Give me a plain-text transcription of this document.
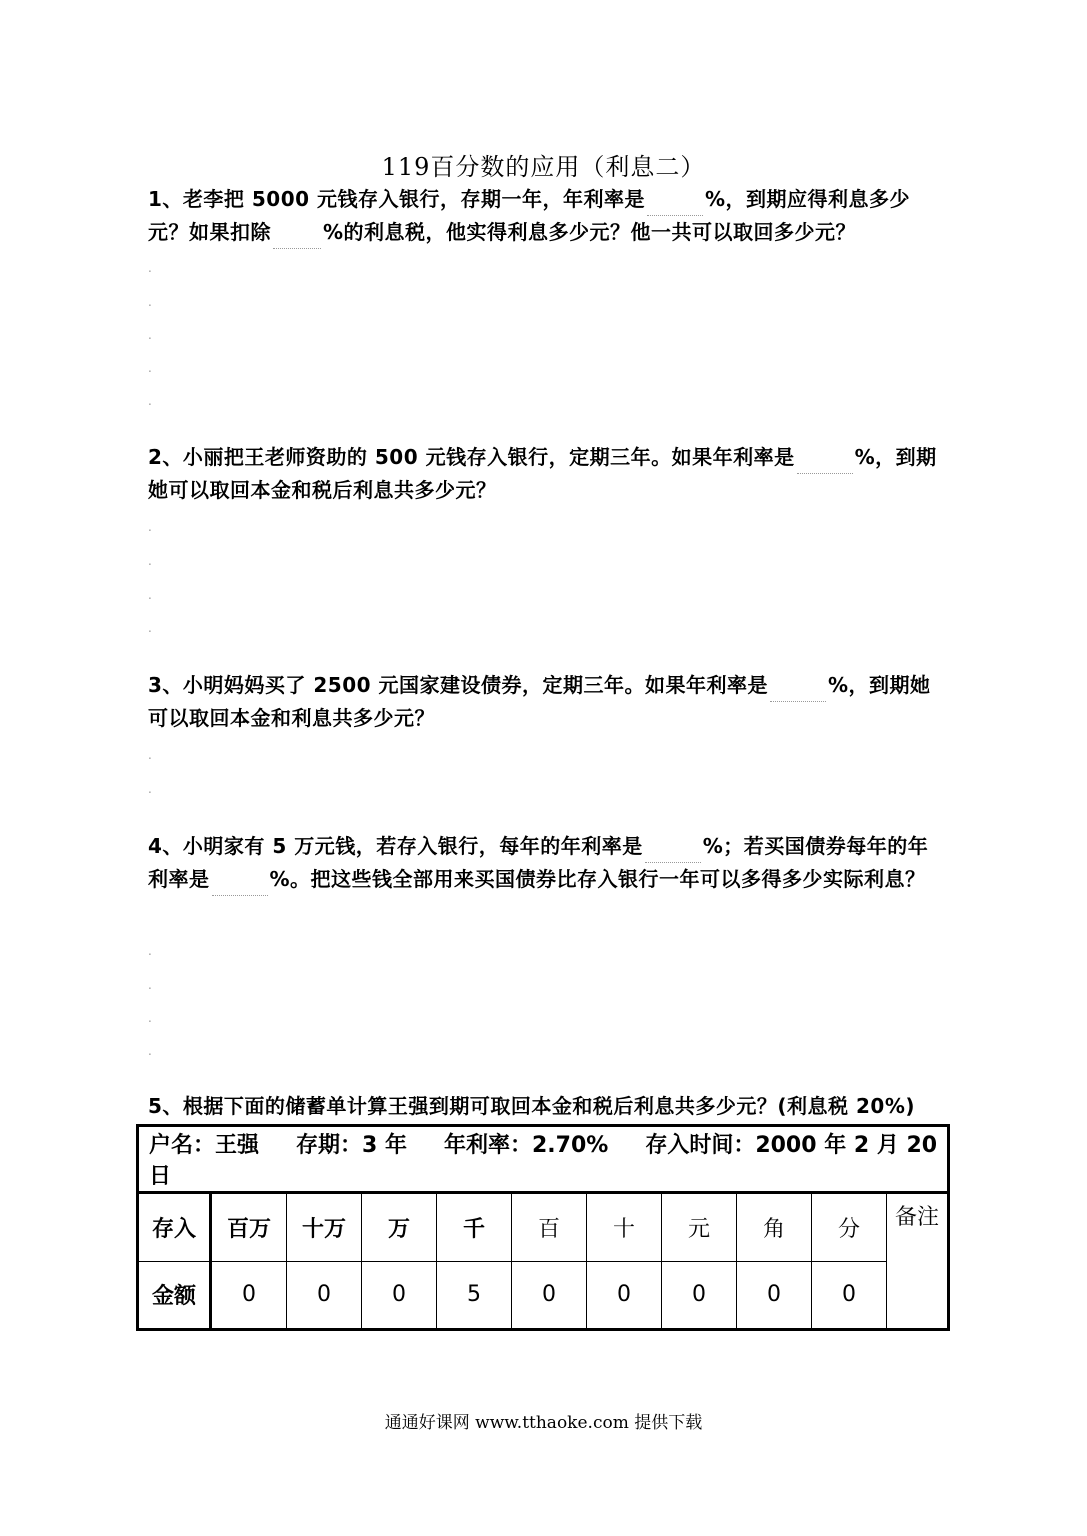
119百分数的应用（利息二）
1、老李把 5000 元钱存入银行，存期一年，年利率是	%，到期应得利息多少元？如果扣除	%的利息税，他实得利息多少元？他一共可以取回多少元？
.
.
.
.
.
2、小丽把王老师资助的 500 元钱存入银行，定期三年。如果年利率是	%，到期她可以取回本金和税后利息共多少元？
.
.
.
.
3、小明妈妈买了 2500 元国家建设债券，定期三年。如果年利率是	%，到期她可以取回本金和利息共多少元？
.
.
4、小明家有 5 万元钱，若存入银行，每年的年利率是	%；若买国债券每年的年利率是	%。把这些钱全部用来买国债券比存入银行一年可以多得多少实际利息？
.
.
.
.
5、根据下面的储蓄单计算王强到期可取回本金和税后利息共多少元？(利息税 20%)
户名：王强 存期：3 年 年利率：2.70% 存入时间：2000 年 2 月 20 日										
存入	百万	十万	万	千	百	十	元	角	分	备注
金额	0	0	0	5	0	0	0	0	0	
通通好课网 www.tthaoke.com 提供下载
